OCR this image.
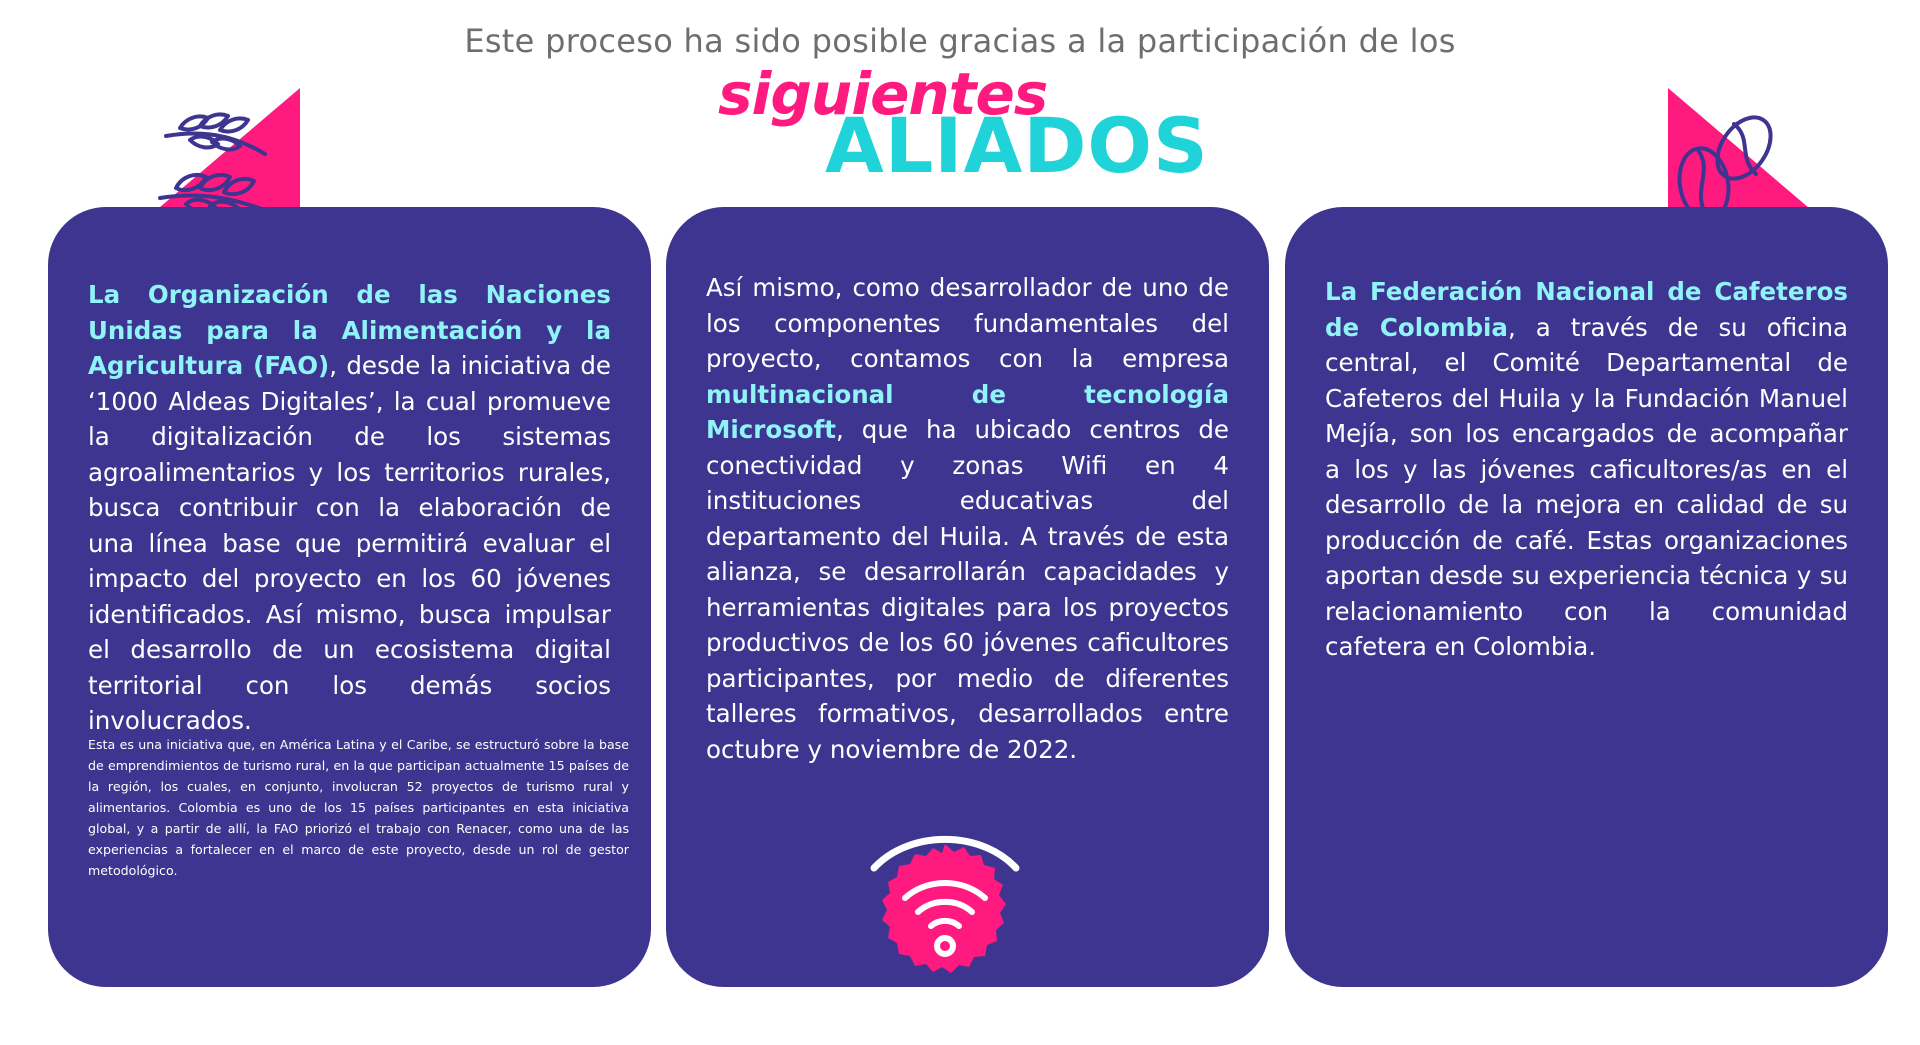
Este proceso ha sido posible gracias a la participación de los
siguientes
ALIADOS
La Organización de las Naciones Unidas para la Alimentación y la Agricultura (FAO), desde la iniciativa de ‘1000 Aldeas Digitales’, la cual promueve la digitalización de los sistemas agroalimentarios y los territorios rurales, busca contribuir con la elaboración de una línea base que permitirá evaluar el impacto del proyecto en los 60 jóvenes identificados. Así mismo, busca impulsar el desarrollo de un ecosistema digital territorial con los demás socios involucrados.
Esta es una iniciativa que, en América Latina y el Caribe, se estructuró sobre la base de emprendimientos de turismo rural, en la que participan actualmente 15 países de la región, los cuales, en conjunto, involucran 52 proyectos de turismo rural y alimentarios. Colombia es uno de los 15 países participantes en esta iniciativa global, y a partir de allí, la FAO priorizó el trabajo con Renacer, como una de las experiencias a fortalecer en el marco de este proyecto, desde un rol de gestor metodológico.
Así mismo, como desarrollador de uno de los componentes fundamentales del proyecto, contamos con la empresa multinacional de tecnología Microsoft, que ha ubicado centros de conectividad y zonas Wifi en 4 instituciones educativas del departamento del Huila. A través de esta alianza, se desarrollarán capacidades y herramientas digitales para los proyectos productivos de los 60 jóvenes caficultores participantes, por medio de diferentes talleres formativos, desarrollados entre octubre y noviembre de 2022.
La Federación Nacional de Cafeteros de Colombia, a través de su oficina central, el Comité Departamental de Cafeteros del Huila y la Fundación Manuel Mejía, son los encargados de acompañar a los y las jóvenes caficultores/as en el desarrollo de la mejora en calidad de su producción de café. Estas organizaciones aportan desde su experiencia técnica y su relacionamiento con la comunidad cafetera en Colombia.
